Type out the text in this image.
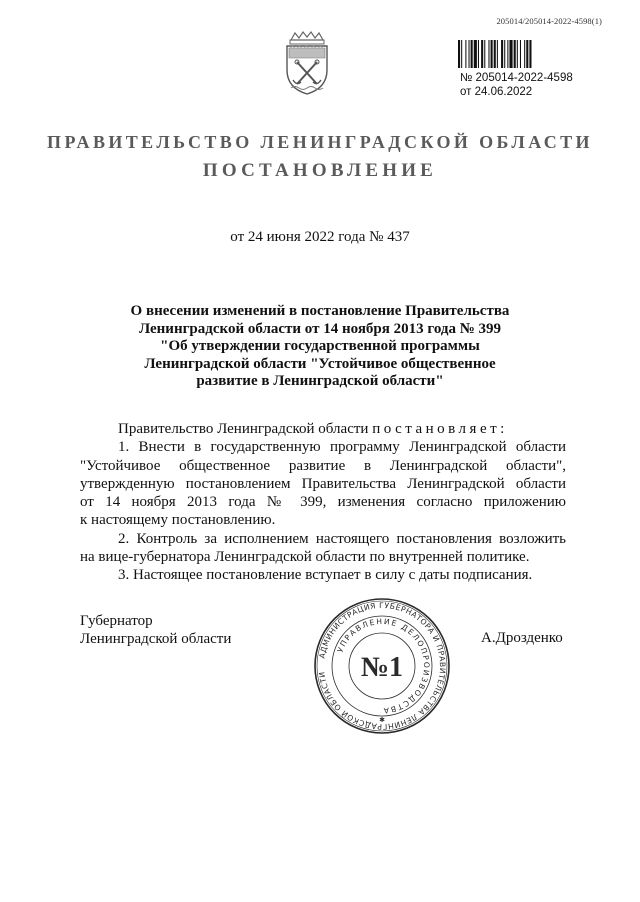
205014/205014-2022-4598(1)
№ 205014-2022-4598
от 24.06.2022
ПРАВИТЕЛЬСТВО ЛЕНИНГРАДСКОЙ ОБЛАСТИ
ПОСТАНОВЛЕНИЕ
от 24 июня 2022 года № 437
О внесении изменений в постановление Правительства
Ленинградской области от 14 ноября 2013 года № 399
"Об утверждении государственной программы
Ленинградской области "Устойчивое общественное
развитие в Ленинградской области"
Правительство Ленинградской области постановляет:
1. Внести в государственную программу Ленинградской области
"Устойчивое общественное развитие в Ленинградской области",
утвержденную постановлением Правительства Ленинградской области
от 14 ноября 2013 года № 399, изменения согласно приложению
к настоящему постановлению.
2. Контроль за исполнением настоящего постановления возложить
на вице-губернатора Ленинградской области по внутренней политике.
3. Настоящее постановление вступает в силу с даты подписания.
Губернатор
Ленинградской области	А.Дрозденко
АДМИНИСТРАЦИЯ ГУБЕРНАТОРА И ПРАВИТЕЛЬСТВА ЛЕНИНГРАДСКОЙ ОБЛАСТИ
УПРАВЛЕНИЕ ДЕЛОПРОИЗВОДСТВА
№1
✱
